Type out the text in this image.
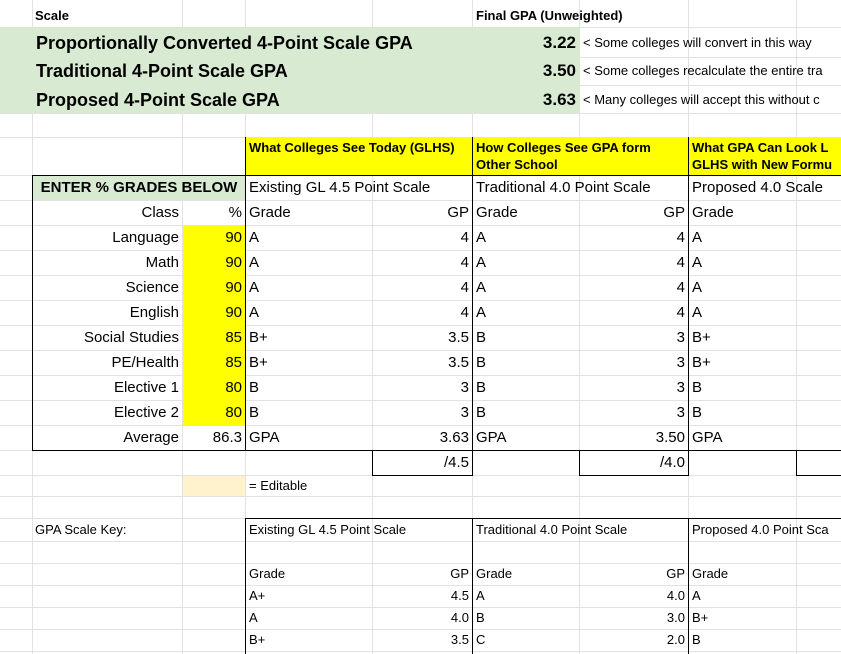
Scale	Final GPA (Unweighted)
Proportionally Converted 4-Point Scale GPA	3.22 < Some colleges will convert in this way
Traditional 4-Point Scale GPA	3.50 < Some colleges recalculate the entire tra
Proposed 4-Point Scale GPA	3.63 < Many colleges will accept this without c
What Colleges See Today (GLHS)	How Colleges See GPA form Other School
What GPA Can Look L GLHS with New Formu
ENTER % GRADES BELOW Existing GL 4.5 Point Scale	Traditional 4.0 Point Scale	Proposed 4.0 Scale
Class	% Grade	GP Grade	GP Grade
Language	90 A	4 A	4 A
Math	90 A	4 A	4 A
Science	90 A	4 A	4 A
English	90 A	4 A	4 A
Social Studies	85 B+	3.5 B	3 B+
PE/Health	85 B+	3.5 B	3 B+
Elective 1	80 B	3 B	3 B
Elective 2	80 B	3 B	3 B
Average	86.3 GPA	3.63 GPA	3.50 GPA
/4.5	/4.0
= Editable
GPA Scale Key:	Existing GL 4.5 Point Scale	Traditional 4.0 Point Scale	Proposed 4.0 Point Sca
Grade	GP Grade	GP Grade
A+	4.5 A	4.0 A
A	4.0 B	3.0 B+
B+	3.5 C	2.0 B
